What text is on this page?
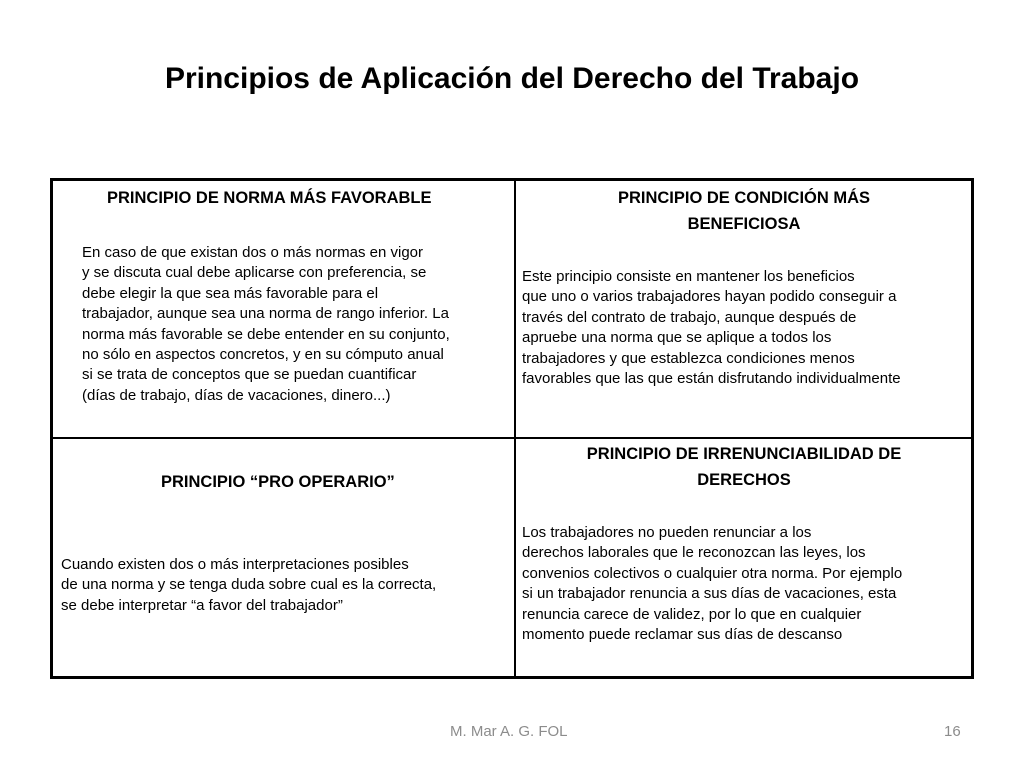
Principios de Aplicación del Derecho del Trabajo
PRINCIPIO DE NORMA MÁS FAVORABLE
En caso de que existan dos o más normas en vigor
y se discuta cual debe aplicarse con preferencia, se
debe elegir la que sea más favorable para el
trabajador, aunque sea una norma de rango inferior. La
norma más favorable se debe entender en su conjunto,
no sólo en aspectos concretos, y en su cómputo anual
si se trata de conceptos que se puedan cuantificar
(días de trabajo, días de vacaciones, dinero...)
PRINCIPIO DE CONDICIÓN MÁS
BENEFICIOSA
Este principio consiste en mantener los beneficios
que uno o varios trabajadores hayan podido conseguir a
través del contrato de trabajo, aunque después de
apruebe una norma que se aplique a todos los
trabajadores y que establezca condiciones menos
favorables que las que están disfrutando individualmente
PRINCIPIO “PRO OPERARIO”
Cuando existen dos o más interpretaciones posibles
de una norma y se tenga duda sobre cual es la correcta,
se debe interpretar “a favor del trabajador”
PRINCIPIO DE IRRENUNCIABILIDAD DE
DERECHOS
Los trabajadores no pueden renunciar a los
derechos laborales que le reconozcan las leyes, los
convenios colectivos o cualquier otra norma. Por ejemplo
si un trabajador renuncia a sus días de vacaciones, esta
renuncia carece de validez, por lo que en cualquier
momento puede reclamar sus días de descanso
M. Mar A. G. FOL	16
